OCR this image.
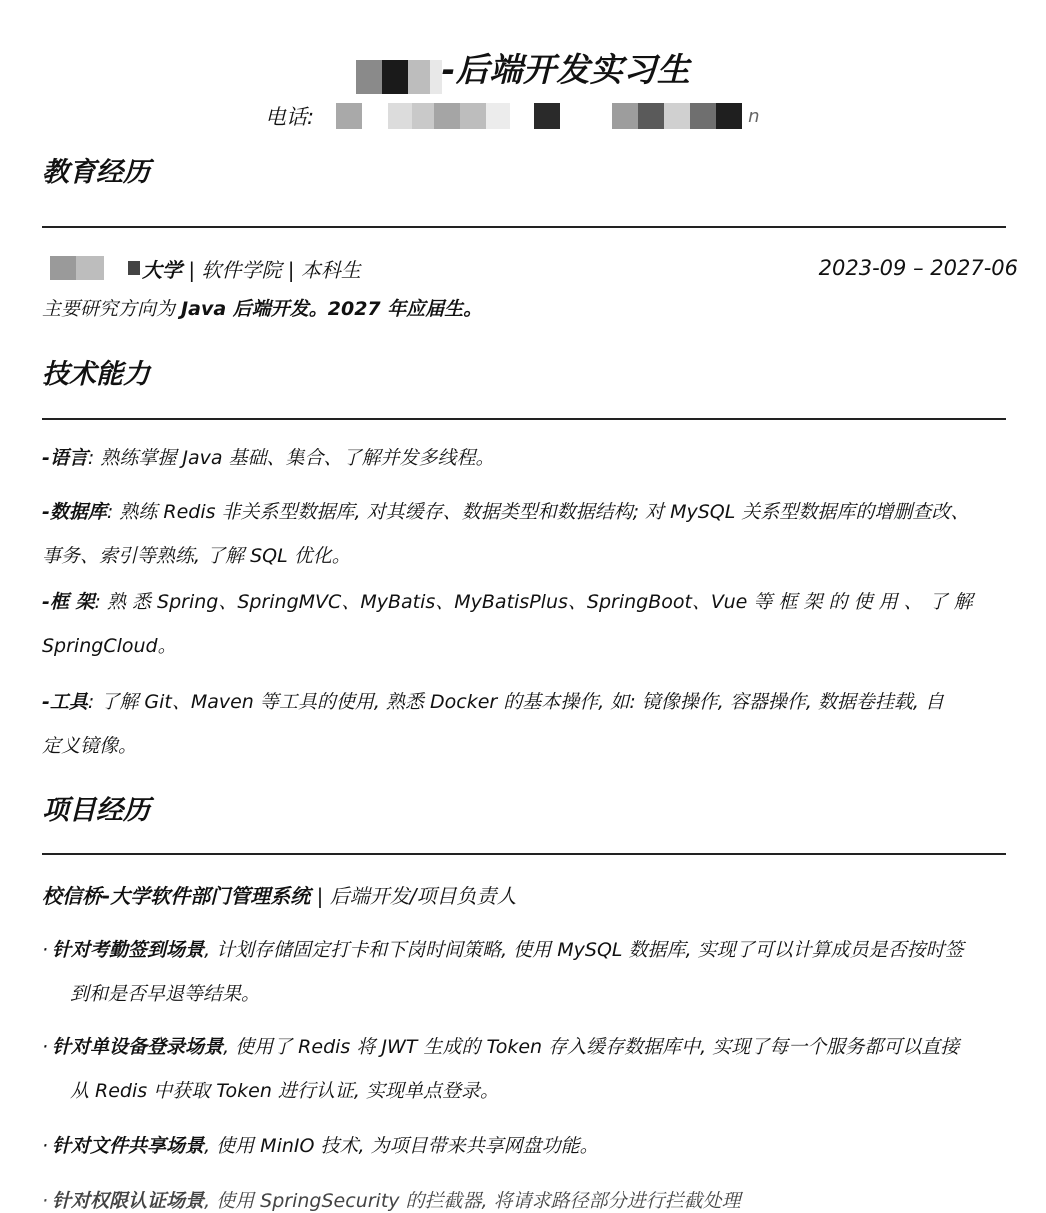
-后端开发实习生
电话:	n
教育经历
大学 | 软件学院 | 本科生	2023-09 – 2027-06
主要研究方向为 Java 后端开发。2027 年应届生。
技术能力
-语言: 熟练掌握 Java 基础、集合、了解并发多线程。
-数据库: 熟练 Redis 非关系型数据库, 对其缓存、数据类型和数据结构; 对 MySQL 关系型数据库的增删查改、
事务、索引等熟练, 了解 SQL 优化。
-框 架: 熟 悉 Spring、SpringMVC、MyBatis、MyBatisPlus、SpringBoot、Vue 等 框 架 的 使 用 、 了 解
SpringCloud。
-工具: 了解 Git、Maven 等工具的使用, 熟悉 Docker 的基本操作, 如: 镜像操作, 容器操作, 数据卷挂载, 自
定义镜像。
项目经历
校信桥-大学软件部门管理系统 | 后端开发/项目负责人
· 针对考勤签到场景, 计划存储固定打卡和下岗时间策略, 使用 MySQL 数据库, 实现了可以计算成员是否按时签
到和是否早退等结果。
· 针对单设备登录场景, 使用了 Redis 将 JWT 生成的 Token 存入缓存数据库中, 实现了每一个服务都可以直接
从 Redis 中获取 Token 进行认证, 实现单点登录。
· 针对文件共享场景, 使用 MinIO 技术, 为项目带来共享网盘功能。
· 针对权限认证场景, 使用 SpringSecurity 的拦截器, 将请求路径部分进行拦截处理
